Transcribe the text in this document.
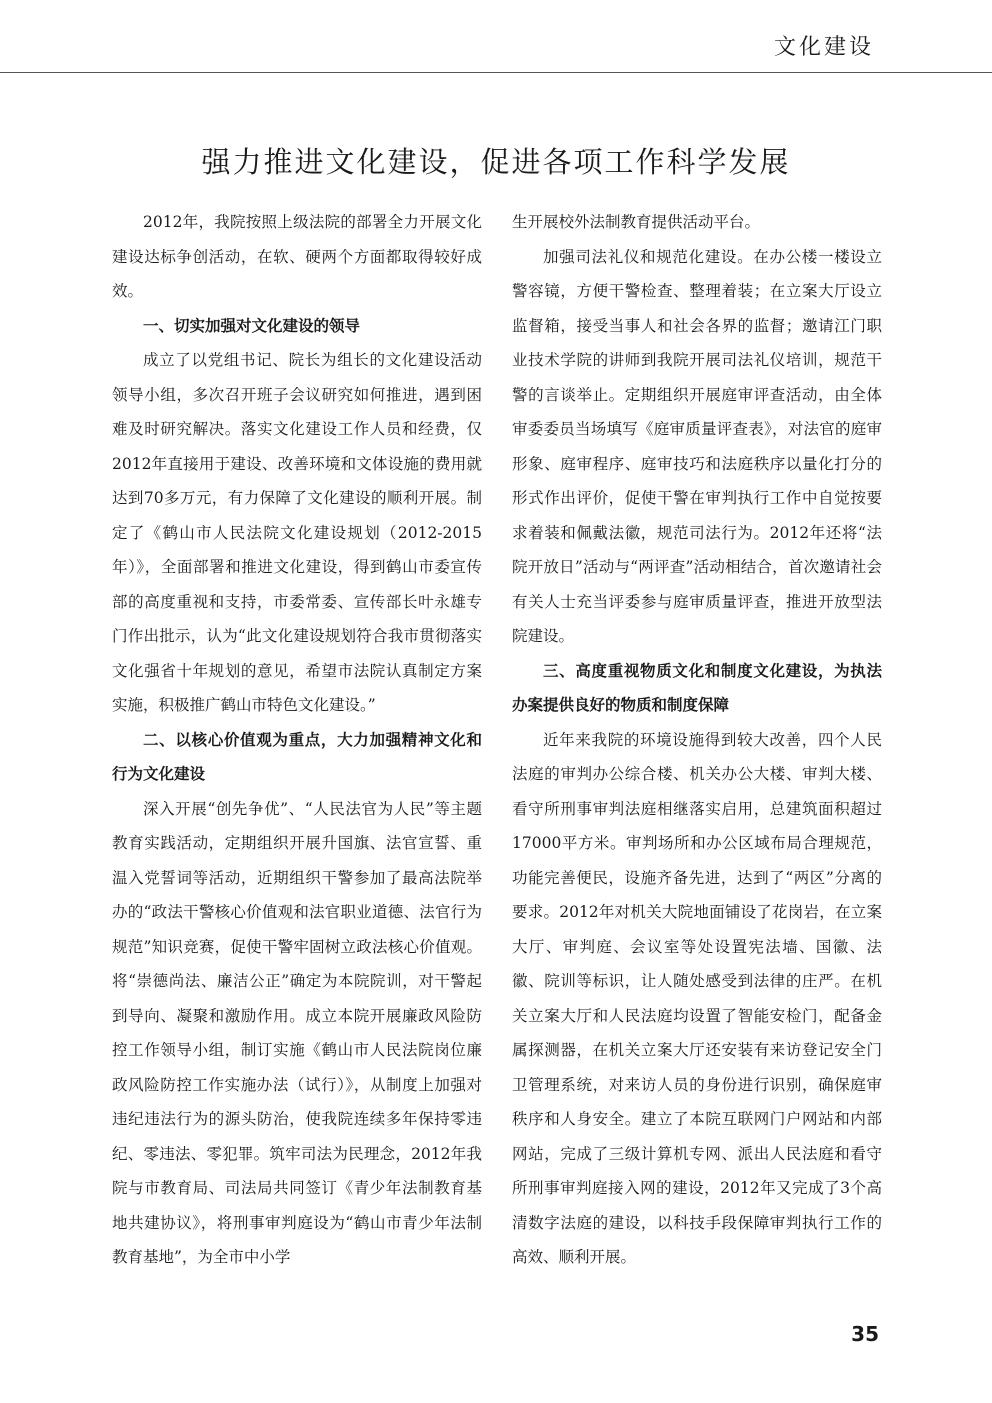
文化建设
强力推进文化建设，促进各项工作科学发展

2012年，我院按照上级法院的部署全力开展文化建设达标争创活动，在软、硬两个方面都取得较好成效。

一、切实加强对文化建设的领导

成立了以党组书记、院长为组长的文化建设活动领导小组，多次召开班子会议研究如何推进，遇到困难及时研究解决。落实文化建设工作人员和经费，仅2012年直接用于建设、改善环境和文体设施的费用就达到70多万元，有力保障了文化建设的顺利开展。制定了《鹤山市人民法院文化建设规划（2012-2015年）》，全面部署和推进文化建设，得到鹤山市委宣传部的高度重视和支持，市委常委、宣传部长叶永雄专门作出批示，认为“此文化建设规划符合我市贯彻落实文化强省十年规划的意见，希望市法院认真制定方案实施，积极推广鹤山市特色文化建设。”

二、以核心价值观为重点，大力加强精神文化和行为文化建设

深入开展“创先争优”、“人民法官为人民”等主题教育实践活动，定期组织开展升国旗、法官宣誓、重温入党誓词等活动，近期组织干警参加了最高法院举办的“政法干警核心价值观和法官职业道德、法官行为规范”知识竞赛，促使干警牢固树立政法核心价值观。将“崇德尚法、廉洁公正”确定为本院院训，对干警起到导向、凝聚和激励作用。成立本院开展廉政风险防控工作领导小组，制订实施《鹤山市人民法院岗位廉政风险防控工作实施办法（试行）》，从制度上加强对违纪违法行为的源头防治，使我院连续多年保持零违纪、零违法、零犯罪。筑牢司法为民理念，2012年我院与市教育局、司法局共同签订《青少年法制教育基地共建协议》，将刑事审判庭设为“鹤山市青少年法制教育基地”，为全市中小学

生开展校外法制教育提供活动平台。

加强司法礼仪和规范化建设。在办公楼一楼设立警容镜，方便干警检查、整理着装；在立案大厅设立监督箱，接受当事人和社会各界的监督；邀请江门职业技术学院的讲师到我院开展司法礼仪培训，规范干警的言谈举止。定期组织开展庭审评查活动，由全体审委委员当场填写《庭审质量评查表》，对法官的庭审形象、庭审程序、庭审技巧和法庭秩序以量化打分的形式作出评价，促使干警在审判执行工作中自觉按要求着装和佩戴法徽，规范司法行为。2012年还将“法院开放日”活动与“两评查”活动相结合，首次邀请社会有关人士充当评委参与庭审质量评查，推进开放型法院建设。

三、高度重视物质文化和制度文化建设，为执法办案提供良好的物质和制度保障

近年来我院的环境设施得到较大改善，四个人民法庭的审判办公综合楼、机关办公大楼、审判大楼、看守所刑事审判法庭相继落实启用，总建筑面积超过17000平方米。审判场所和办公区域布局合理规范，功能完善便民，设施齐备先进，达到了“两区”分离的要求。2012年对机关大院地面铺设了花岗岩，在立案大厅、审判庭、会议室等处设置宪法墙、国徽、法徽、院训等标识，让人随处感受到法律的庄严。在机关立案大厅和人民法庭均设置了智能安检门，配备金属探测器，在机关立案大厅还安装有来访登记安全门卫管理系统，对来访人员的身份进行识别，确保庭审秩序和人身安全。建立了本院互联网门户网站和内部网站，完成了三级计算机专网、派出人民法庭和看守所刑事审判庭接入网的建设，2012年又完成了3个高清数字法庭的建设，以科技手段保障审判执行工作的高效、顺利开展。

35
